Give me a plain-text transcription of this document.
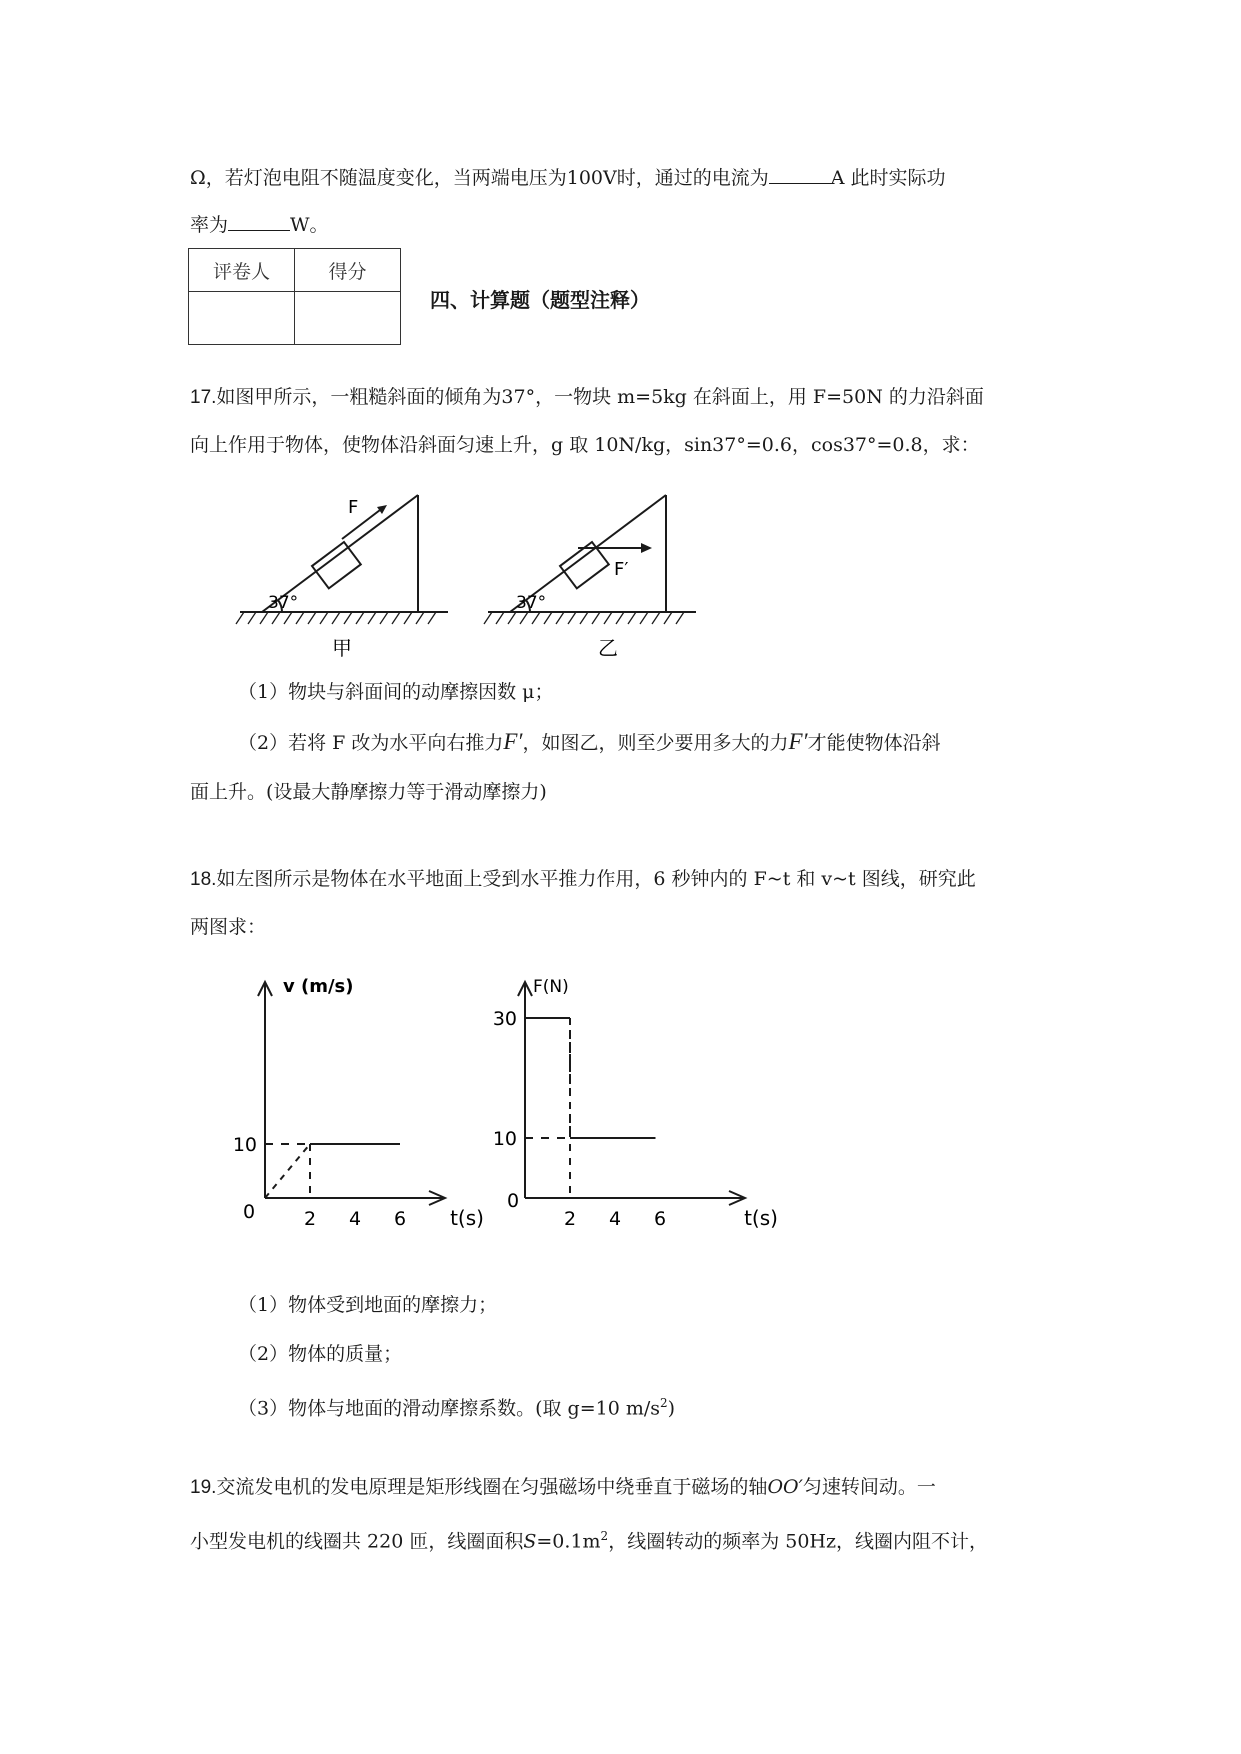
Ω，若灯泡电阻不随温度变化，当两端电压为100V时，通过的电流为	A 此时实际功
率为	W。
评卷人	得分

四、计算题（题型注释）
17.如图甲所示，一粗糙斜面的倾角为37°，一物块 m=5kg 在斜面上，用 F=50N 的力沿斜面
向上作用于物体，使物体沿斜面匀速上升，g 取 10N/kg，sin37°=0.6，cos37°=0.8，求：
F
37°
甲
F′
37°
乙
（1）物块与斜面间的动摩擦因数 μ；
（2）若将 F 改为水平向右推力F′，如图乙，则至少要用多大的力F′才能使物体沿斜
面上升。(设最大静摩擦力等于滑动摩擦力)
18.如左图所示是物体在水平地面上受到水平推力作用，6 秒钟内的 F~t 和 v~t 图线，研究此
两图求：
v (m/s)
t(s)
0	2 4 6
10
F(N)
t(s)
0
2 4 6
30
10
（1）物体受到地面的摩擦力；
（2）物体的质量；
（3）物体与地面的滑动摩擦系数。(取 g=10 $m/s^2$)
19.交流发电机的发电原理是矩形线圈在匀强磁场中绕垂直于磁场的轴OO′匀速转间动。一
小型发电机的线圈共 220 匝，线圈面积$S=0.1m^2$，线圈转动的频率为 50Hz，线圈内阻不计，
